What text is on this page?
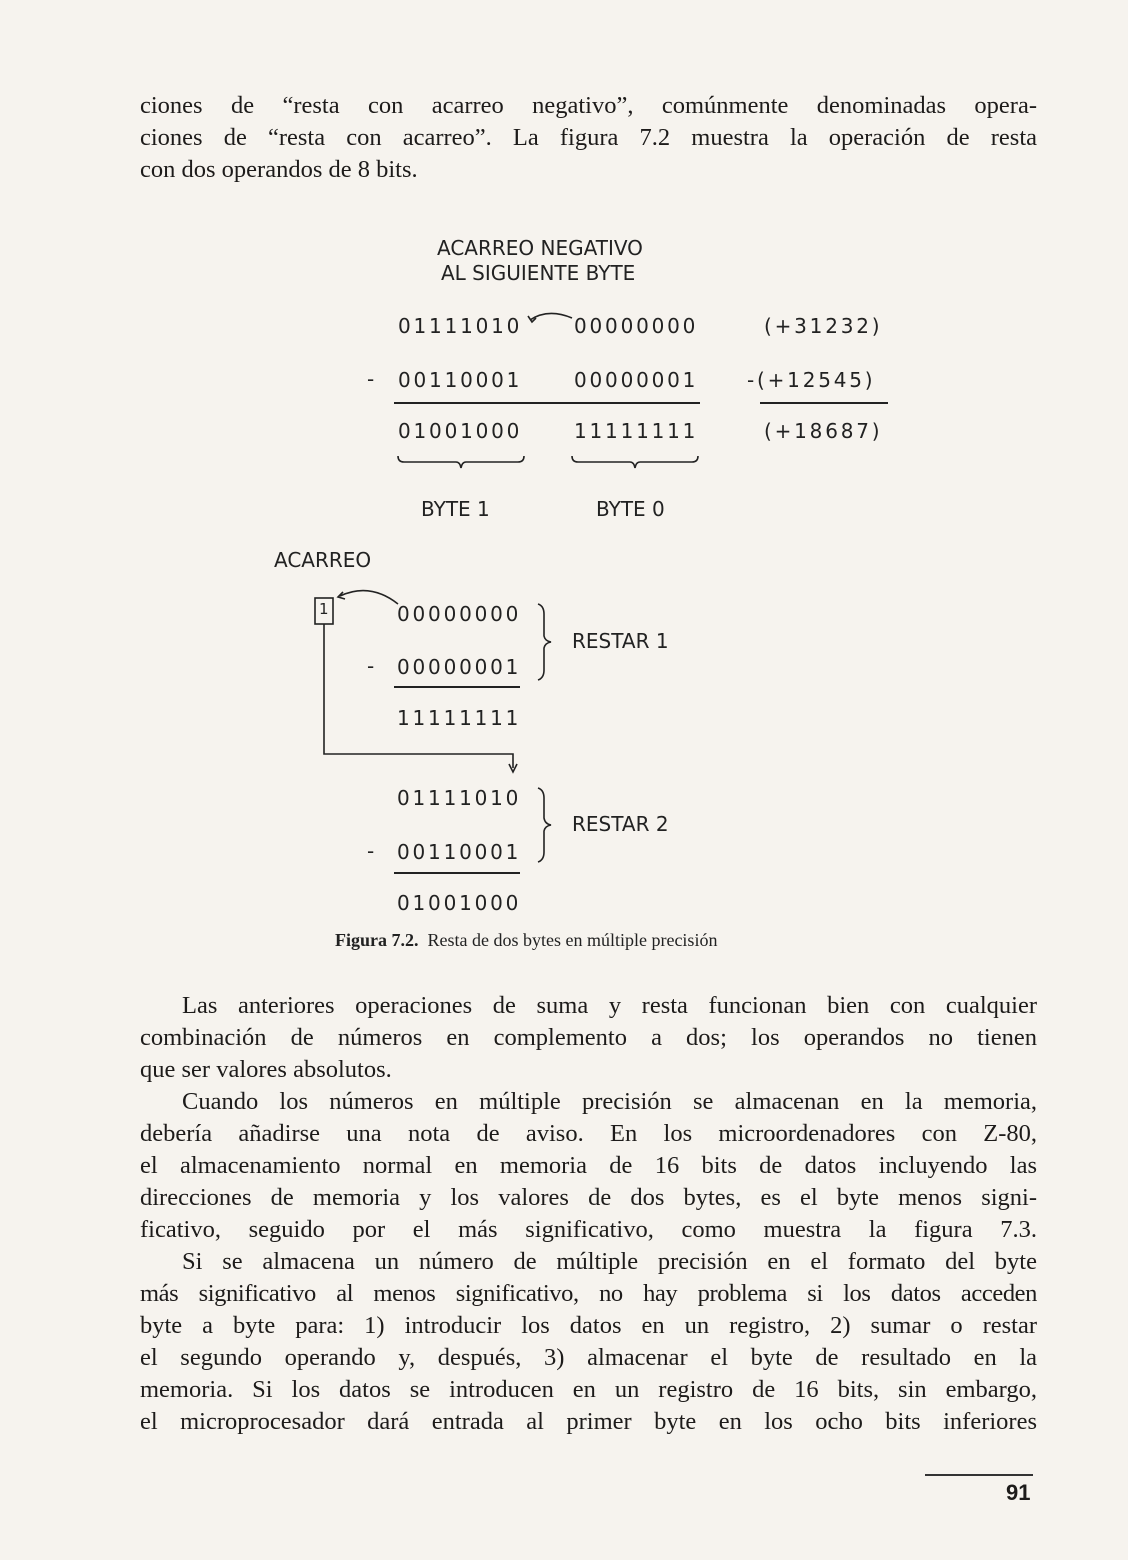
ciones de “resta con acarreo negativo”, comúnmente denominadas opera-
ciones de “resta con acarreo”. La figura 7.2 muestra la operación de resta
con dos operandos de 8 bits.
ACARREO NEGATIVO
AL SIGUIENTE BYTE
01111010	00000000	(+31232)
- 00110001	00000001 -(+12545)
01001000	11111111	(+18687)
BYTE 1	BYTE 0
ACARREO
1	00000000
- 00000001
11111111
RESTAR 1
01111010
- 00110001
01001000
RESTAR 2
Figura 7.2. Resta de dos bytes en múltiple precisión
Las anteriores operaciones de suma y resta funcionan bien con cualquier
combinación de números en complemento a dos; los operandos no tienen
que ser valores absolutos.
Cuando los números en múltiple precisión se almacenan en la memoria,
debería añadirse una nota de aviso. En los microordenadores con Z-80,
el almacenamiento normal en memoria de 16 bits de datos incluyendo las
direcciones de memoria y los valores de dos bytes, es el byte menos signi-
ficativo, seguido por el más significativo, como muestra la figura 7.3.
Si se almacena un número de múltiple precisión en el formato del byte
más significativo al menos significativo, no hay problema si los datos acceden
byte a byte para: 1) introducir los datos en un registro, 2) sumar o restar
el segundo operando y, después, 3) almacenar el byte de resultado en la
memoria. Si los datos se introducen en un registro de 16 bits, sin embargo,
el microprocesador dará entrada al primer byte en los ocho bits inferiores
91
